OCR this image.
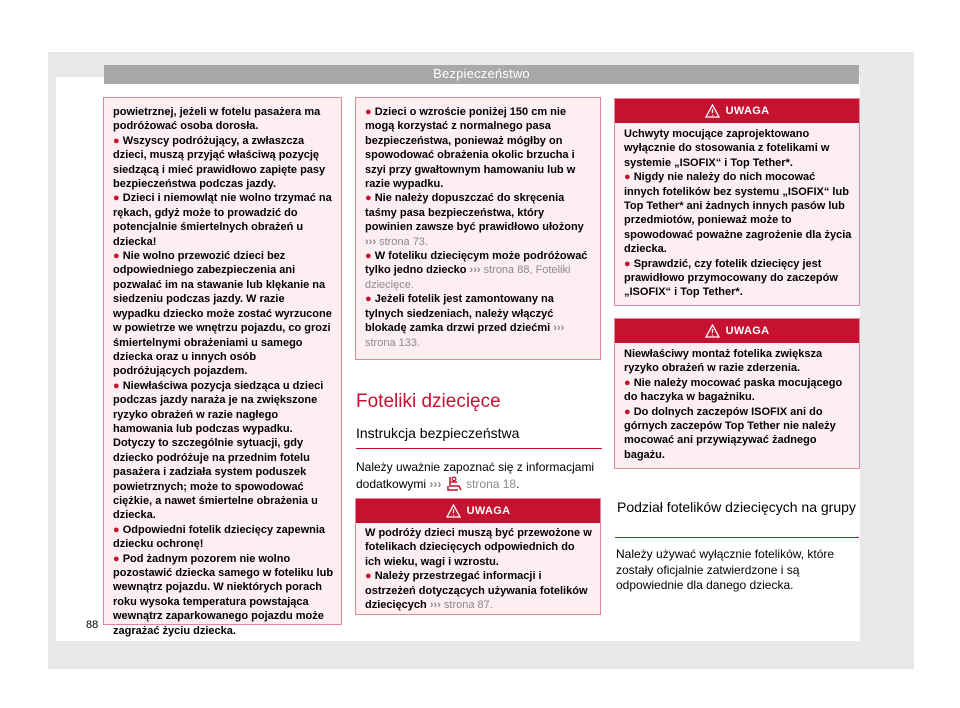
Bezpieczeństwo

powietrznej, jeżeli w fotelu pasażera ma podróżować osoba dorosła.

● Wszyscy podróżujący, a zwłaszcza dzieci, muszą przyjąć właściwą pozycję siedzącą i mieć prawidłowo zapięte pasy bezpieczeństwa podczas jazdy.

● Dzieci i niemowląt nie wolno trzymać na rękach, gdyż może to prowadzić do potencjalnie śmiertelnych obrażeń u dziecka!

● Nie wolno przewozić dzieci bez odpowiedniego zabezpieczenia ani pozwalać im na stawanie lub klękanie na siedzeniu podczas jazdy. W razie wypadku dziecko może zostać wyrzucone w powietrze we wnętrzu pojazdu, co grozi śmiertelnymi obrażeniami u samego dziecka oraz u innych osób podróżujących pojazdem.

● Niewłaściwa pozycja siedząca u dzieci podczas jazdy naraża je na zwiększone ryzyko obrażeń w razie nagłego hamowania lub podczas wypadku. Dotyczy to szczególnie sytuacji, gdy dziecko podróżuje na przednim fotelu pasażera i zadziała system poduszek powietrznych; może to spowodować ciężkie, a nawet śmiertelne obrażenia u dziecka.

● Odpowiedni fotelik dziecięcy zapewnia dziecku ochronę!

● Pod żadnym pozorem nie wolno pozostawić dziecka samego w foteliku lub wewnątrz pojazdu. W niektórych porach roku wysoka temperatura powstająca wewnątrz zaparkowanego pojazdu może zagrażać życiu dziecka.

● Dzieci o wzroście poniżej 150 cm nie mogą korzystać z normalnego pasa bezpieczeństwa, ponieważ mógłby on spowodować obrażenia okolic brzucha i szyi przy gwałtownym hamowaniu lub w razie wypadku.

● Nie należy dopuszczać do skręcenia taśmy pasa bezpieczeństwa, który powinien zawsze być prawidłowo ułożony ››› strona 73.

● W foteliku dziecięcym może podróżować tylko jedno dziecko ››› strona 88, Foteliki dziecięce.

● Jeżeli fotelik jest zamontowany na tylnych siedzeniach, należy włączyć blokadę zamka drzwi przed dziećmi ››› strona 133.

Foteliki dziecięce
Instrukcja bezpieczeństwa
Należy uważnie zapoznać się z informacjami dodatkowymi ››› strona 18.
UWAGA

W podróży dzieci muszą być przewożone w fotelikach dziecięcych odpowiednich do ich wieku, wagi i wzrostu.

● Należy przestrzegać informacji i ostrzeżeń dotyczących używania fotelików dziecięcych ››› strona 87.

UWAGA

Uchwyty mocujące zaprojektowano wyłącznie do stosowania z fotelikami w systemie „ISOFIX“ i Top Tether*.

● Nigdy nie należy do nich mocować innych fotelików bez systemu „ISOFIX“ lub Top Tether* ani żadnych innych pasów lub przedmiotów, ponieważ może to spowodować poważne zagrożenie dla życia dziecka.

● Sprawdzić, czy fotelik dziecięcy jest prawidłowo przymocowany do zaczepów „ISOFIX“ i Top Tether*.

UWAGA

Niewłaściwy montaż fotelika zwiększa ryzyko obrażeń w razie zderzenia.

● Nie należy mocować paska mocującego do haczyka w bagażniku.

● Do dolnych zaczepów ISOFIX ani do górnych zaczepów Top Tether nie należy mocować ani przywiązywać żadnego bagażu.

Podział fotelików dziecięcych na grupy
Należy używać wyłącznie fotelików, które zostały oficjalnie zatwierdzone i są odpowiednie dla danego dziecka.
88
